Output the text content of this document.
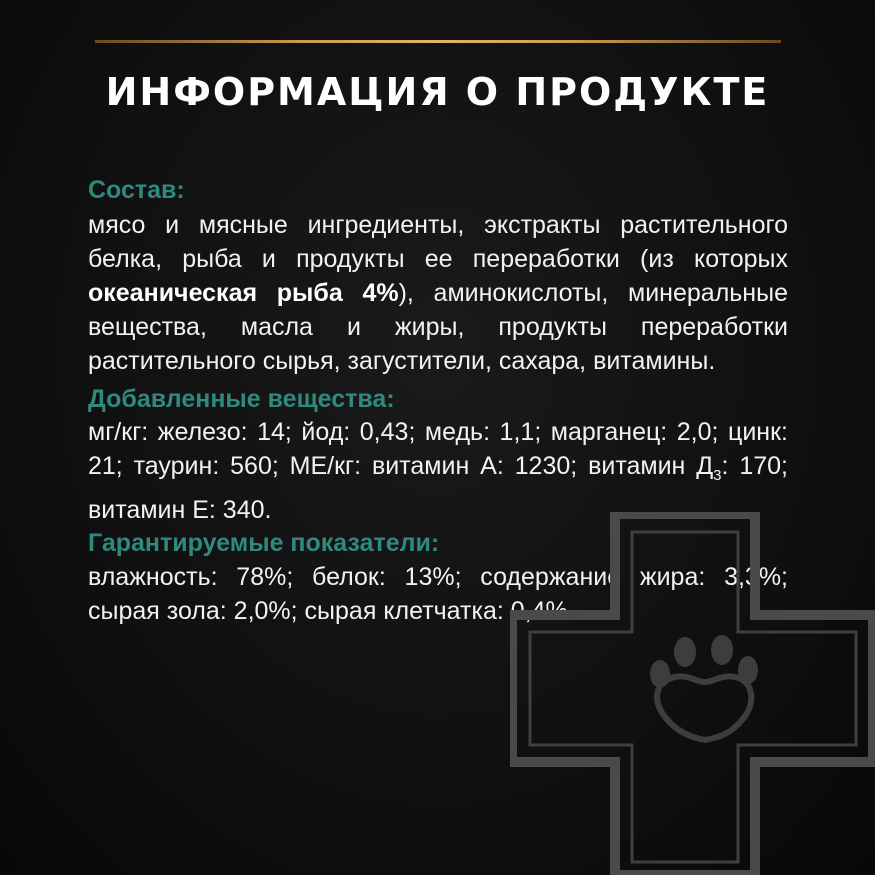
ИНФОРМАЦИЯ О ПРОДУКТЕ
Состав:
мясо и мясные ингредиенты, экстракты растительного
белка, рыба и продукты ее переработки (из которых
океаническая рыба 4%), аминокислоты, минеральные
вещества, масла и жиры, продукты переработки
растительного сырья, загустители, сахара, витамины.
Добавленные вещества:
мг/кг: железо: 14; йод: 0,43; медь: 1,1; марганец: 2,0; цинк:
21; таурин: 560; МЕ/кг: витамин А: 1230; витамин $Д_3$: 170;
витамин Е: 340.
Гарантируемые показатели:
влажность: 78%; белок: 13%; содержание жира: 3,3%;
сырая зола: 2,0%; сырая клетчатка: 0,4%.
